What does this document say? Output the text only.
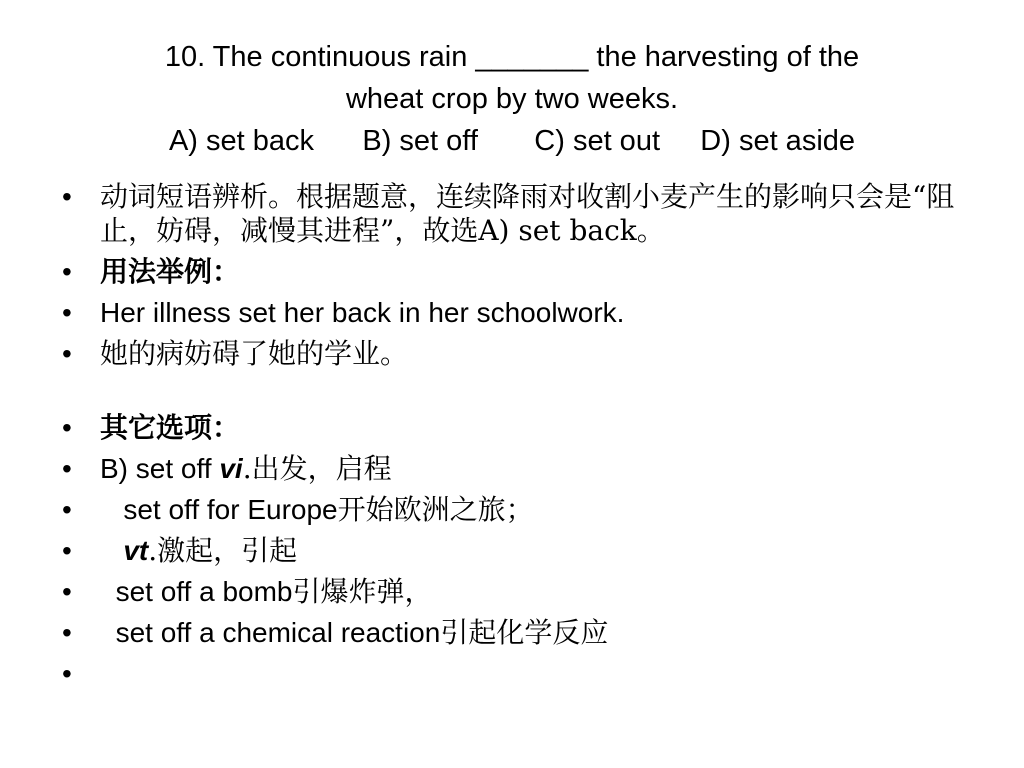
10. The continuous rain _______ the harvesting of the
wheat crop by two weeks.
A) set back      B) set off       C) set out     D) set aside
• 动词短语辨析。根据题意，连续降雨对收割小麦产生的影响只会是“阻止，妨碍，减慢其进程”，故选A) set back。
• 用法举例：
• Her illness set her back in her schoolwork.
• 她的病妨碍了她的学业。
• 其它选项：
• B) set off vi.出发，启程
• set off for Europe开始欧洲之旅；
• vt.激起，引起
• set off a bomb引爆炸弹，
• set off a chemical reaction引起化学反应
•
